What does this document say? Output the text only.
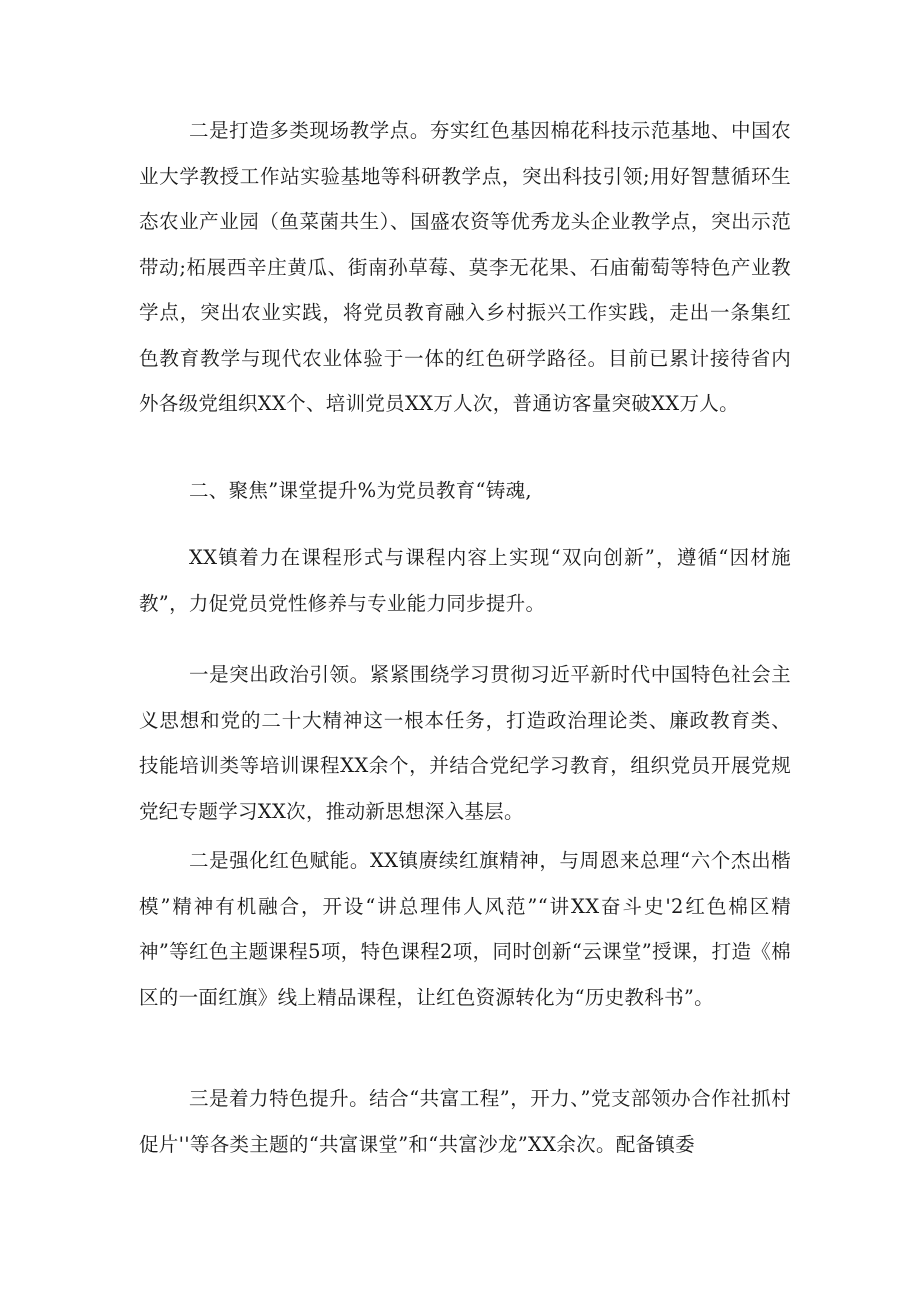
二是打造多类现场教学点。夯实红色基因棉花科技示范基地、中国农业大学教授工作站实验基地等科研教学点，突出科技引领;用好智慧循环生态农业产业园（鱼菜菌共生）、国盛农资等优秀龙头企业教学点，突出示范带动;柘展西辛庄黄瓜、街南孙草莓、莫李无花果、石庙葡萄等特色产业教学点，突出农业实践，将党员教育融入乡村振兴工作实践，走出一条集红色教育教学与现代农业体验于一体的红色研学路径。目前已累计接待省内外各级党组织XX个、培训党员XX万人次，普通访客量突破XX万人。

二、聚焦”课堂提升%为党员教育“铸魂,

XX镇着力在课程形式与课程内容上实现“双向创新”，遵循“因材施教”，力促党员党性修养与专业能力同步提升。

一是突出政治引领。紧紧围绕学习贯彻习近平新时代中国特色社会主义思想和党的二十大精神这一根本任务，打造政治理论类、廉政教育类、技能培训类等培训课程XX余个，并结合党纪学习教育，组织党员开展党规党纪专题学习XX次，推动新思想深入基层。

二是强化红色赋能。XX镇赓续红旗精神，与周恩来总理“六个杰出楷模”精神有机融合，开设“讲总理伟人风范”“讲XX奋斗史'2红色棉区精神”等红色主题课程5项，特色课程2项，同时创新“云课堂”授课，打造《棉区的一面红旗》线上精品课程，让红色资源转化为“历史教科书”。

三是着力特色提升。结合“共富工程”，开力、”党支部领办合作社抓村促片''等各类主题的“共富课堂”和“共富沙龙”XX余次。配备镇委
